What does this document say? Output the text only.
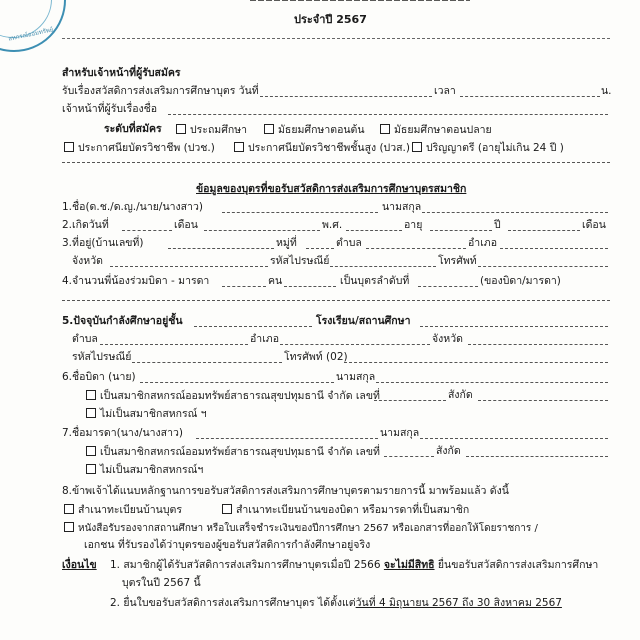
สหกรณ์ออมทรัพย์
ประจำปี 2567
สำหรับเจ้าหน้าที่ผู้รับสมัคร
รับเรื่องสวัสดิการส่งเสริมการศึกษาบุตร วันที่	เวลา	น.
เจ้าหน้าที่ผู้รับเรื่องชื่อ
ระดับที่สมัคร	ประถมศึกษา	มัธยมศึกษาตอนต้น	มัธยมศึกษาตอนปลาย
ประกาศนียบัตรวิชาชีพ (ปวช.)	ประกาศนียบัตรวิชาชีพชั้นสูง (ปวส.)	ปริญญาตรี (อายุไม่เกิน 24 ปี )
ข้อมูลของบุตรที่ขอรับสวัสดิการส่งเสริมการศึกษาบุตรสมาชิก
1.ชื่อ(ด.ช./ด.ญ./นาย/นางสาว)	นามสกุล
2.เกิดวันที่	เดือน	พ.ศ.	อายุ	ปี	เดือน
3.ที่อยู่(บ้านเลขที่)	หมู่ที่	ตำบล	อำเภอ
จังหวัด	รหัสไปรษณีย์	โทรศัพท์
4.จำนวนพี่น้องร่วมบิดา - มารดา	คน	เป็นบุตรลำดับที่	(ของบิดา/มารดา)
5.ปัจจุบันกำลังศึกษาอยู่ชั้น	โรงเรียน/สถานศึกษา
ตำบล	อำเภอ	จังหวัด
รหัสไปรษณีย์	โทรศัพท์ (02)
6.ชื่อบิดา (นาย)	นามสกุล
เป็นสมาชิกสหกรณ์ออมทรัพย์สาธารณสุขปทุมธานี จำกัด เลขที่	สังกัด
ไม่เป็นสมาชิกสหกรณ์ ฯ
7.ชื่อมารดา(นาง/นางสาว)	นามสกุล
เป็นสมาชิกสหกรณ์ออมทรัพย์สาธารณสุขปทุมธานี จำกัด เลขที่	สังกัด
ไม่เป็นสมาชิกสหกรณ์ฯ
8.ข้าพเจ้าได้แนบหลักฐานการขอรับสวัสดิการส่งเสริมการศึกษาบุตรตามรายการนี้ มาพร้อมแล้ว ดังนี้
สำเนาทะเบียนบ้านบุตร	สำเนาทะเบียนบ้านของบิดา หรือมารดาที่เป็นสมาชิก
หนังสือรับรองจากสถานศึกษา หรือใบเสร็จชำระเงินของปีการศึกษา 2567 หรือเอกสารที่ออกให้โดยราชการ /
เอกชน ที่รับรองได้ว่าบุตรของผู้ขอรับสวัสดิการกำลังศึกษาอยู่จริง
เงื่อนไข 1. สมาชิกผู้ได้รับสวัสดิการส่งเสริมการศึกษาบุตรเมื่อปี 2566 จะไม่มีสิทธิ ยื่นขอรับสวัสดิการส่งเสริมการศึกษา
บุตรในปี 2567 นี้
2. ยื่นใบขอรับสวัสดิการส่งเสริมการศึกษาบุตร ได้ตั้งแต่วันที่ 4 มิถุนายน 2567 ถึง 30 สิงหาคม 2567
